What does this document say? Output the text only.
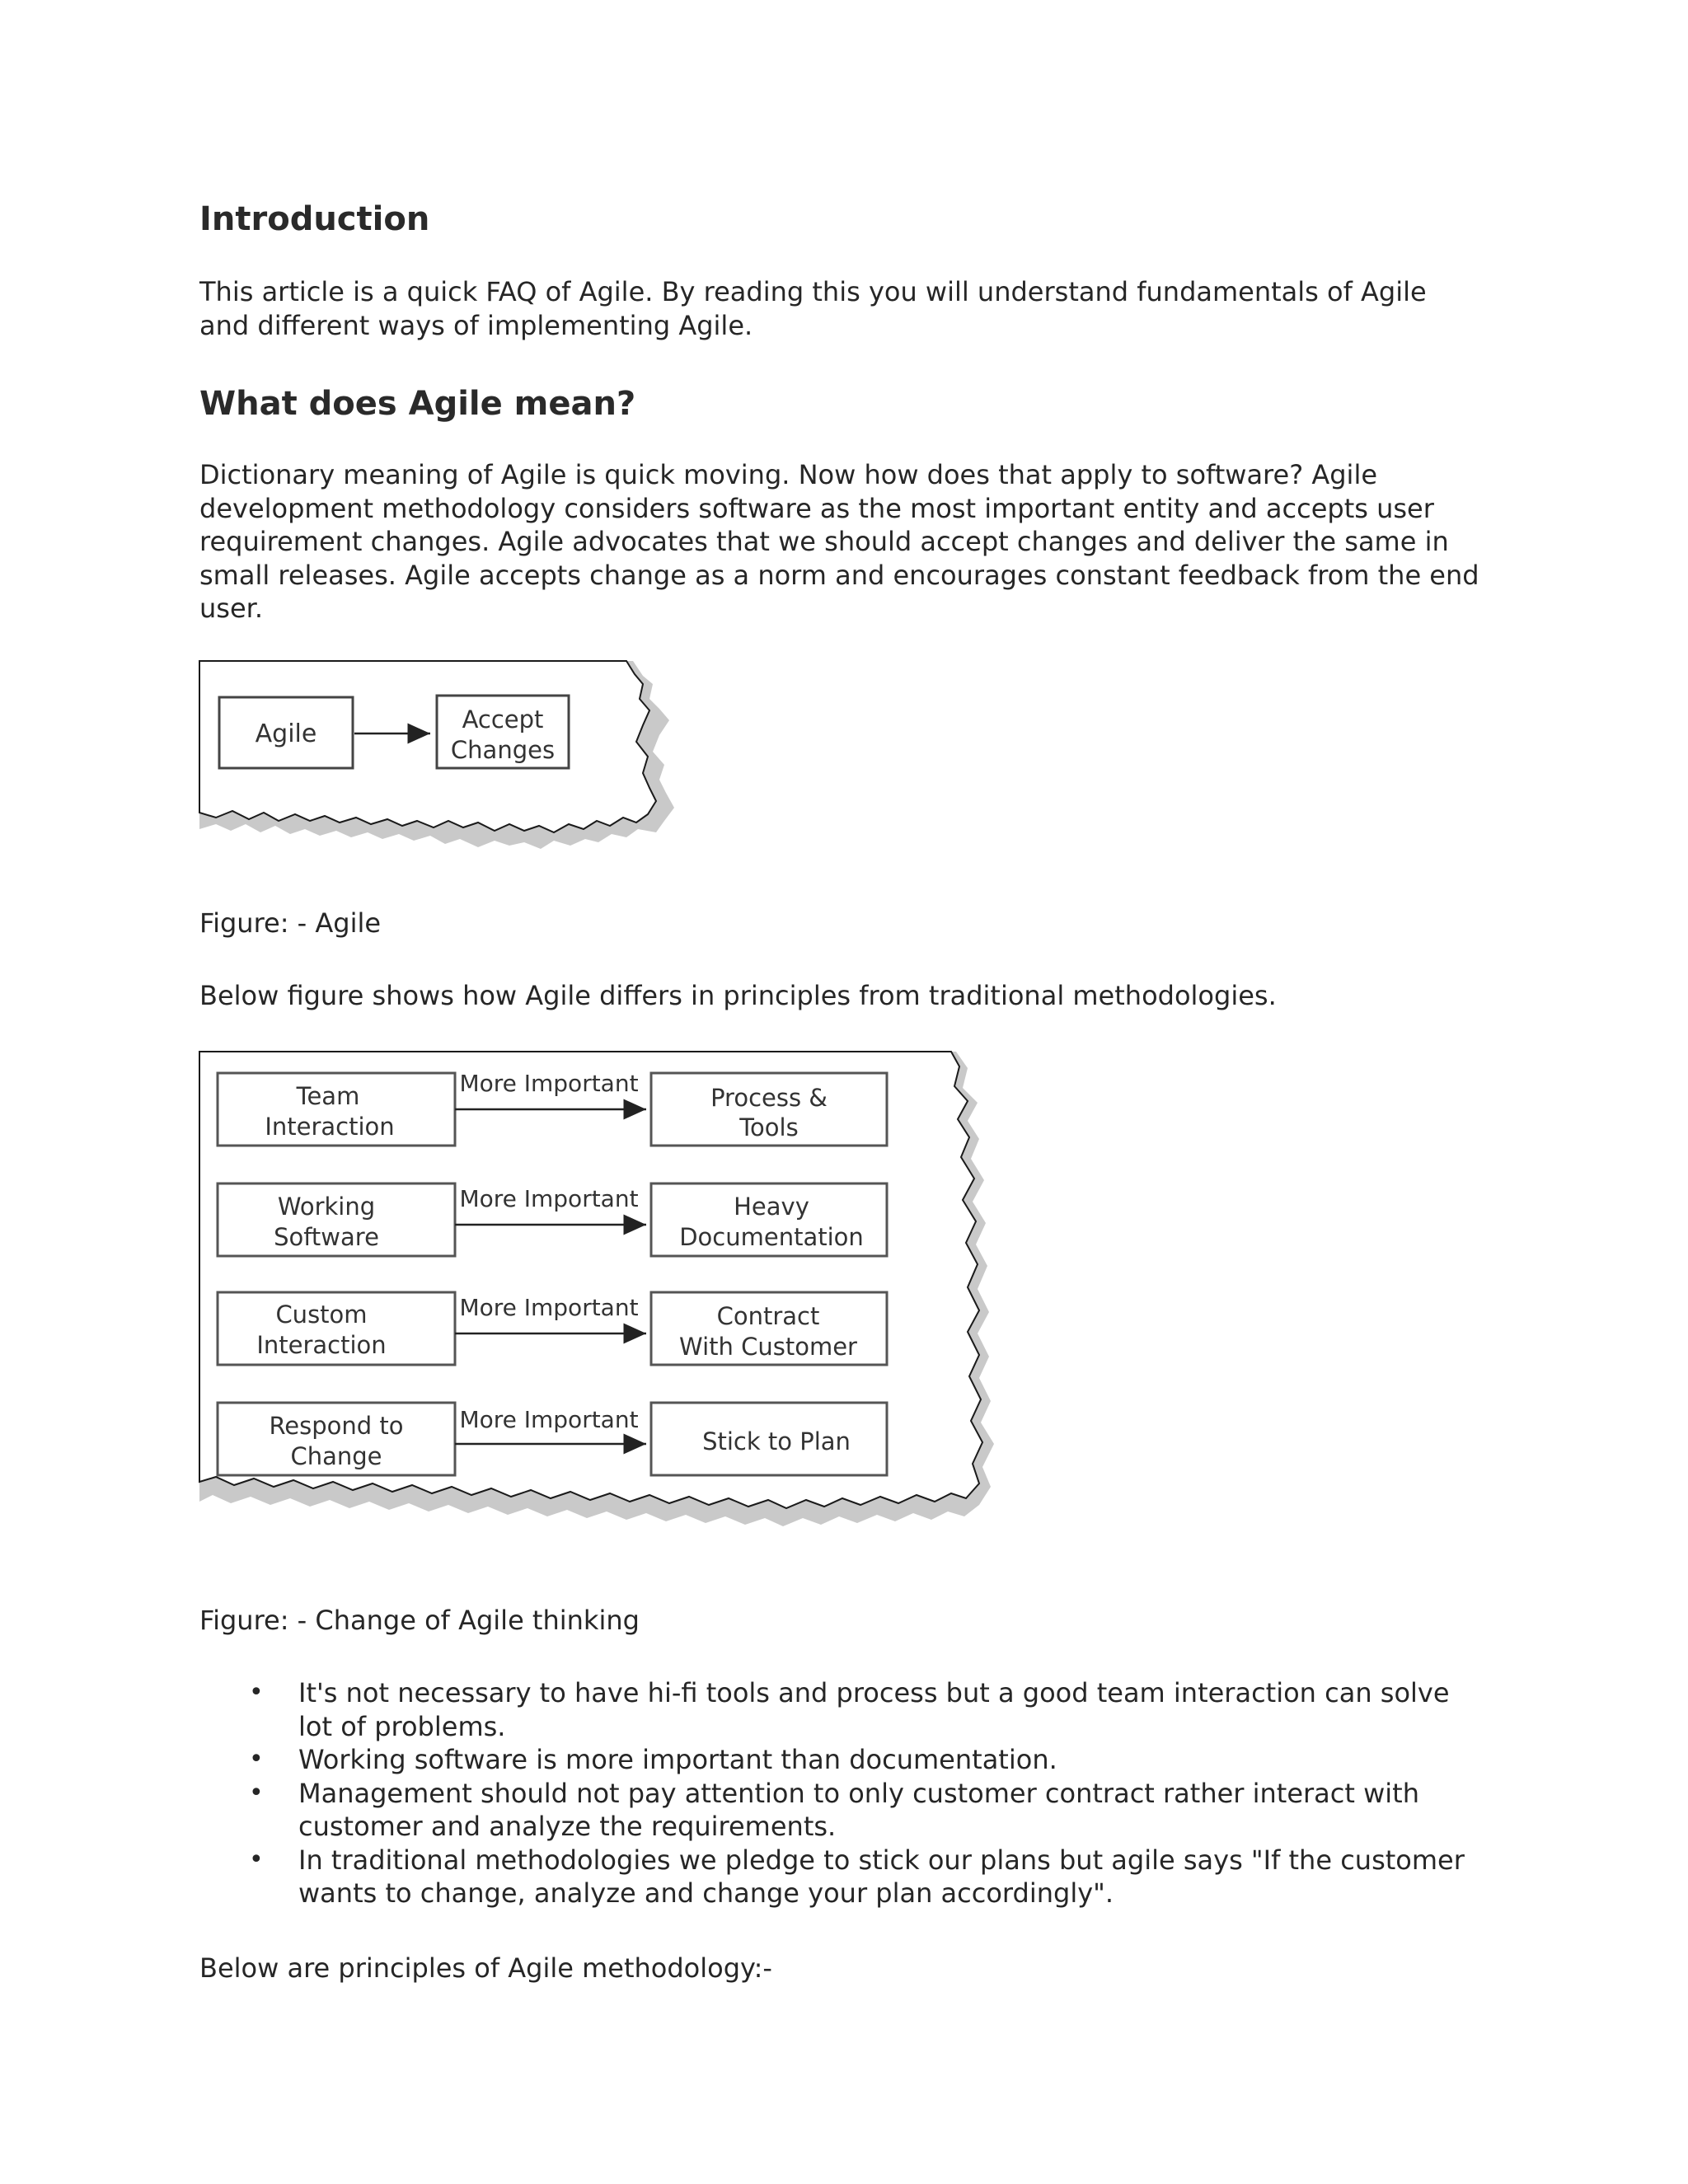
Introduction

This article is a quick FAQ of Agile. By reading this you will understand fundamentals of Agile and different ways of implementing Agile.

What does Agile mean?

Dictionary meaning of Agile is quick moving. Now how does that apply to software? Agile development methodology considers software as the most important entity and accepts user requirement changes. Agile advocates that we should accept changes and deliver the same in small releases. Agile accepts change as a norm and encourages constant feedback from the end user.

Agile	Accept
Changes

Figure: - Agile

Below figure shows how Agile differs in principles from traditional methodologies.

Team
Interaction
More Important
Process &
Tools
Working
Software
More Important	Heavy
Documentation
Custom
Interaction
More Important	Contract
With Customer
Respond to
Change
More Important
Stick to Plan

Figure: - Change of Agile thinking

• It's not necessary to have hi-fi tools and process but a good team interaction can solve lot of problems.
• Working software is more important than documentation.
• Management should not pay attention to only customer contract rather interact with customer and analyze the requirements.
• In traditional methodologies we pledge to stick our plans but agile says "If the customer wants to change, analyze and change your plan accordingly".

Below are principles of Agile methodology:-
